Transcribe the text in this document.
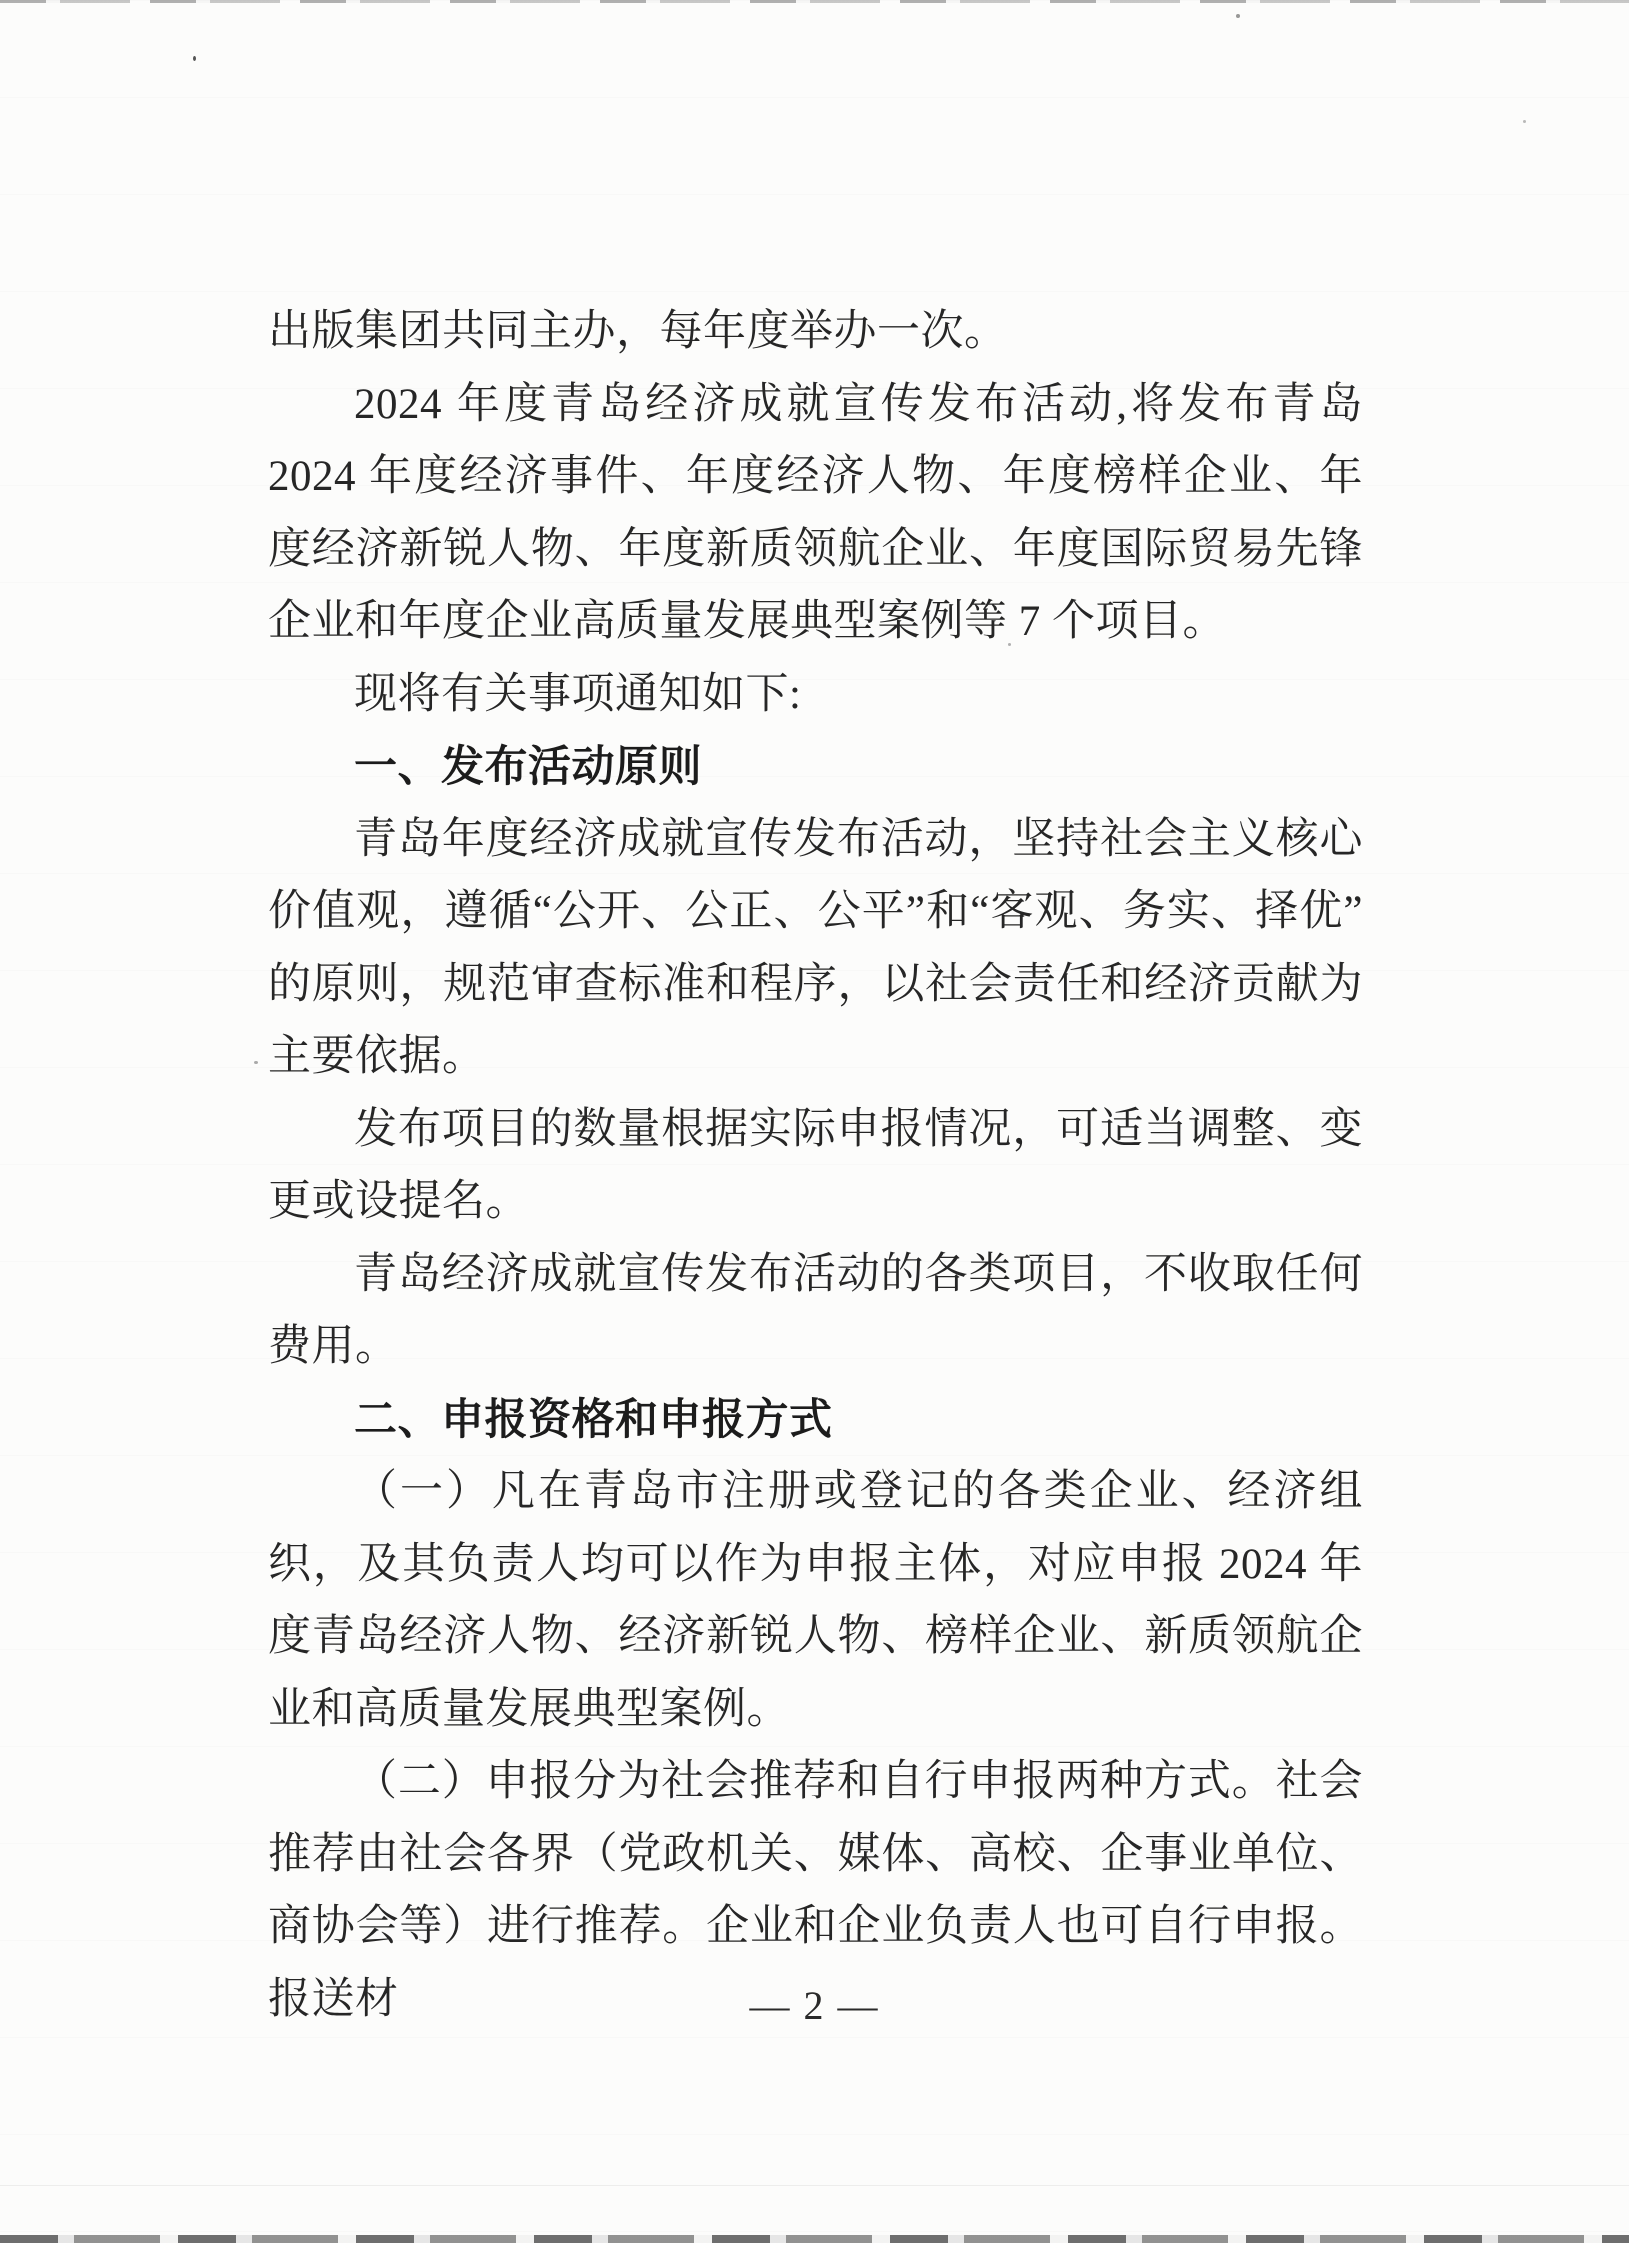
出版集团共同主办，每年度举办一次。

2024 年度青岛经济成就宣传发布活动,将发布青岛 2024 年度经济事件、年度经济人物、年度榜样企业、年度经济新锐人物、年度新质领航企业、年度国际贸易先锋企业和年度企业高质量发展典型案例等 7 个项目。

现将有关事项通知如下:

一、发布活动原则

青岛年度经济成就宣传发布活动，坚持社会主义核心价值观，遵循“公开、公正、公平”和“客观、务实、择优”的原则，规范审查标准和程序，以社会责任和经济贡献为主要依据。

发布项目的数量根据实际申报情况，可适当调整、变更或设提名。

青岛经济成就宣传发布活动的各类项目，不收取任何费用。

二、申报资格和申报方式

（一）凡在青岛市注册或登记的各类企业、经济组织，及其负责人均可以作为申报主体，对应申报 2024 年度青岛经济人物、经济新锐人物、榜样企业、新质领航企业和高质量发展典型案例。

（二）申报分为社会推荐和自行申报两种方式。社会推荐由社会各界（党政机关、媒体、高校、企事业单位、商协会等）进行推荐。企业和企业负责人也可自行申报。报送材	— 2 —
